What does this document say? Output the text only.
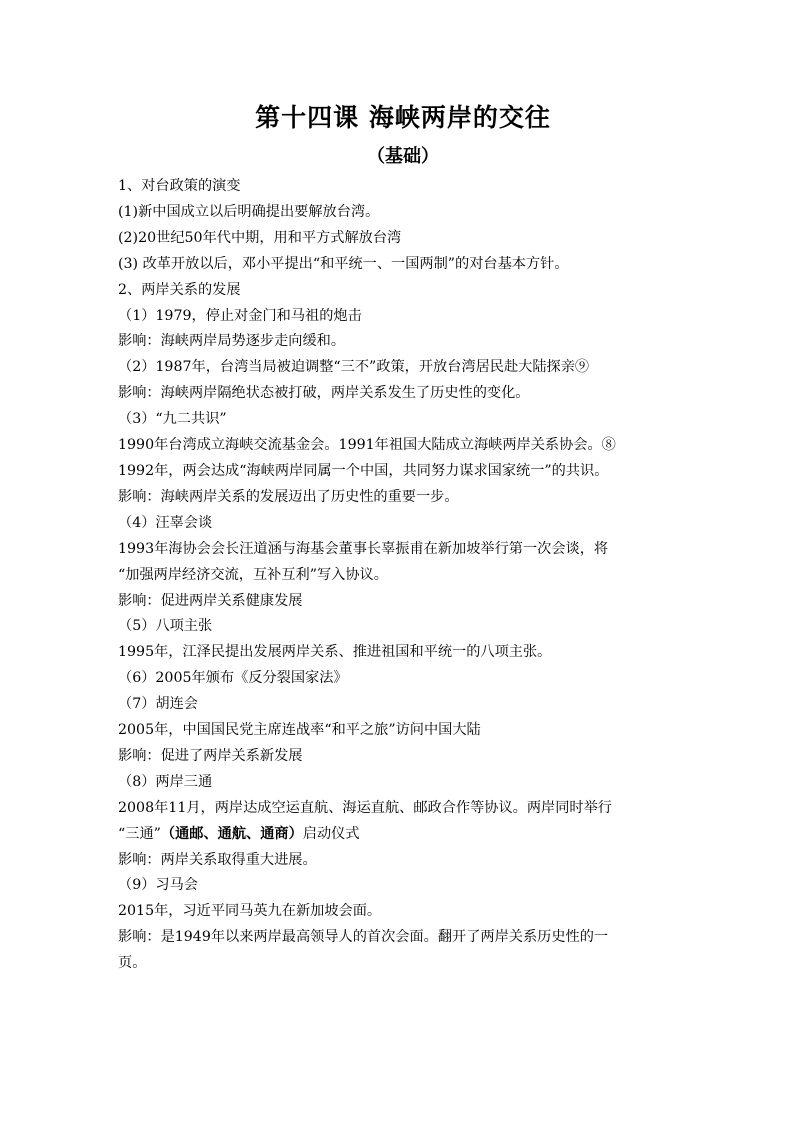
第十四课 海峡两岸的交往
（基础）

1、对台政策的演变

(1)新中国成立以后明确提出要解放台湾。

(2)20世纪50年代中期，用和平方式解放台湾

(3) 改革开放以后，邓小平提出“和平统一、一国两制”的对台基本方针。

2、两岸关系的发展

（1）1979，停止对金门和马祖的炮击

影响：海峡两岸局势逐步走向缓和。

（2）1987年，台湾当局被迫调整“三不”政策，开放台湾居民赴大陆探亲⑨

影响：海峡两岸隔绝状态被打破，两岸关系发生了历史性的变化。

（3）“九二共识”

1990年台湾成立海峡交流基金会。1991年祖国大陆成立海峡两岸关系协会。⑧

1992年，两会达成“海峡两岸同属一个中国，共同努力谋求国家统一”的共识。

影响：海峡两岸关系的发展迈出了历史性的重要一步。

（4）汪辜会谈

1993年海协会会长汪道涵与海基会董事长辜振甫在新加坡举行第一次会谈，将

“加强两岸经济交流，互补互利”写入协议。

影响：促进两岸关系健康发展

（5）八项主张

1995年，江泽民提出发展两岸关系、推进祖国和平统一的八项主张。

（6）2005年颁布《反分裂国家法》

（7）胡连会

2005年，中国国民党主席连战率“和平之旅”访问中国大陆

影响：促进了两岸关系新发展

（8）两岸三通

2008年11月，两岸达成空运直航、海运直航、邮政合作等协议。两岸同时举行

“三通”（通邮、通航、通商）启动仪式

影响：两岸关系取得重大进展。

（9）习马会

2015年，习近平同马英九在新加坡会面。

影响：是1949年以来两岸最高领导人的首次会面。翻开了两岸关系历史性的一

页。
